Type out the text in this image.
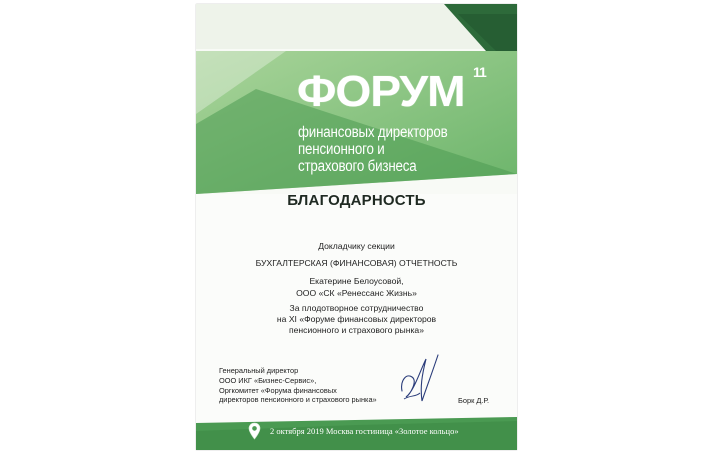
ФОРУМ 11
финансовых директоров
пенсионного и
страхового бизнеса
БЛАГОДАРНОСТЬ
Докладчику секции
БУХГАЛТЕРСКАЯ (ФИНАНСОВАЯ) ОТЧЕТНОСТЬ
Екатерине Белоусовой,
ООО «СК «Ренессанс Жизнь»
За плодотворное сотрудничество
на XI «Форуме финансовых директоров
пенсионного и страхового рынка»
Генеральный директор
ООО ИКГ «Бизнес-Сервис»,
Оргкомитет «Форума финансовых
директоров пенсионного и страхового рынка»	Борк Д.Р.
2 октября 2019 Москва гостиница «Золотое кольцо»
